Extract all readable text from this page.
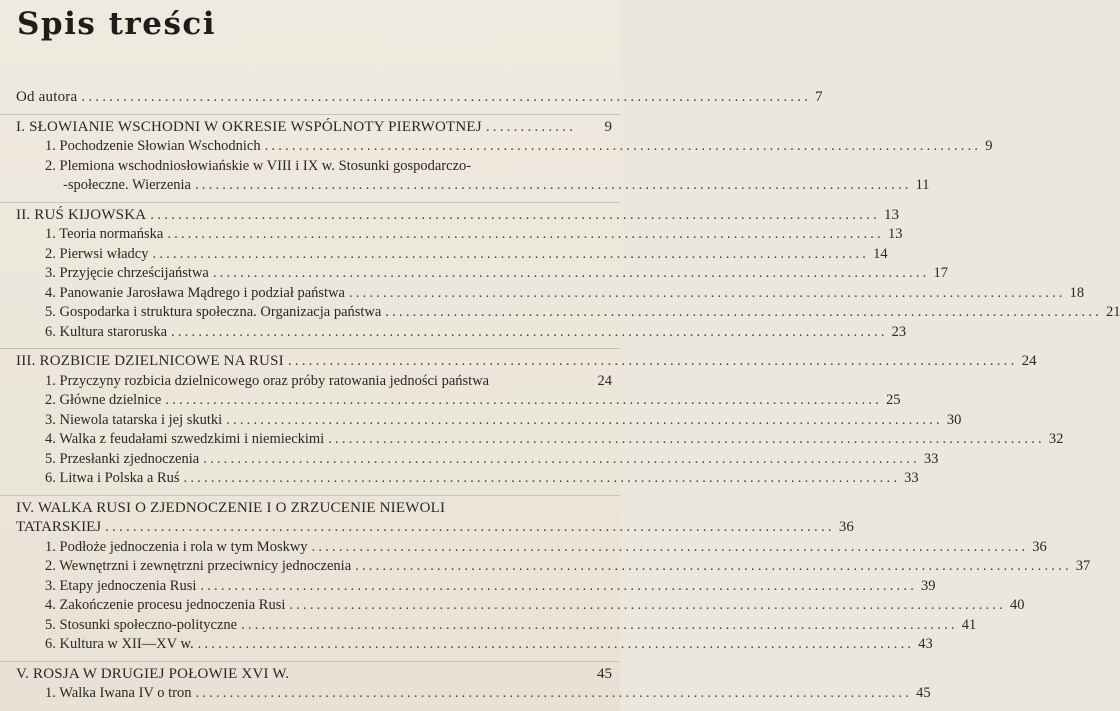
Spis treści
Od autora ......................................................................................................... 7
I. SŁOWIANIE WSCHODNI W OKRESIE WSPÓLNOTY PIERWOTNEJ .............	9
1. Pochodzenie Słowian Wschodnich ......................................................................................................... 9
2. Plemiona wschodniosłowiańskie w VIII i IX w. Stosunki gospodarczo-
-społeczne. Wierzenia ......................................................................................................... 11
II. RUŚ KIJOWSKA ......................................................................................................... 13
1. Teoria normańska ......................................................................................................... 13
2. Pierwsi władcy ......................................................................................................... 14
3. Przyjęcie chrześcijaństwa ......................................................................................................... 17
4. Panowanie Jarosława Mądrego i podział państwa ......................................................................................................... 18
5. Gospodarka i struktura społeczna. Organizacja państwa ......................................................................................................... 21
6. Kultura staroruska ......................................................................................................... 23
III. ROZBICIE DZIELNICOWE NA RUSI ......................................................................................................... 24
1. Przyczyny rozbicia dzielnicowego oraz próby ratowania jedności państwa	24
2. Główne dzielnice ......................................................................................................... 25
3. Niewola tatarska i jej skutki ......................................................................................................... 30
4. Walka z feudałami szwedzkimi i niemieckimi ......................................................................................................... 32
5. Przesłanki zjednoczenia ......................................................................................................... 33
6. Litwa i Polska a Ruś ......................................................................................................... 33
IV. WALKA RUSI O ZJEDNOCZENIE I O ZRZUCENIE NIEWOLI
TATARSKIEJ ......................................................................................................... 36
1. Podłoże jednoczenia i rola w tym Moskwy ......................................................................................................... 36
2. Wewnętrzni i zewnętrzni przeciwnicy jednoczenia ......................................................................................................... 37
3. Etapy jednoczenia Rusi ......................................................................................................... 39
4. Zakończenie procesu jednoczenia Rusi ......................................................................................................... 40
5. Stosunki społeczno-polityczne ......................................................................................................... 41
6. Kultura w XII—XV w. ......................................................................................................... 43
V. ROSJA W DRUGIEJ POŁOWIE XVI W.	45
1. Walka Iwana IV o tron ......................................................................................................... 45
